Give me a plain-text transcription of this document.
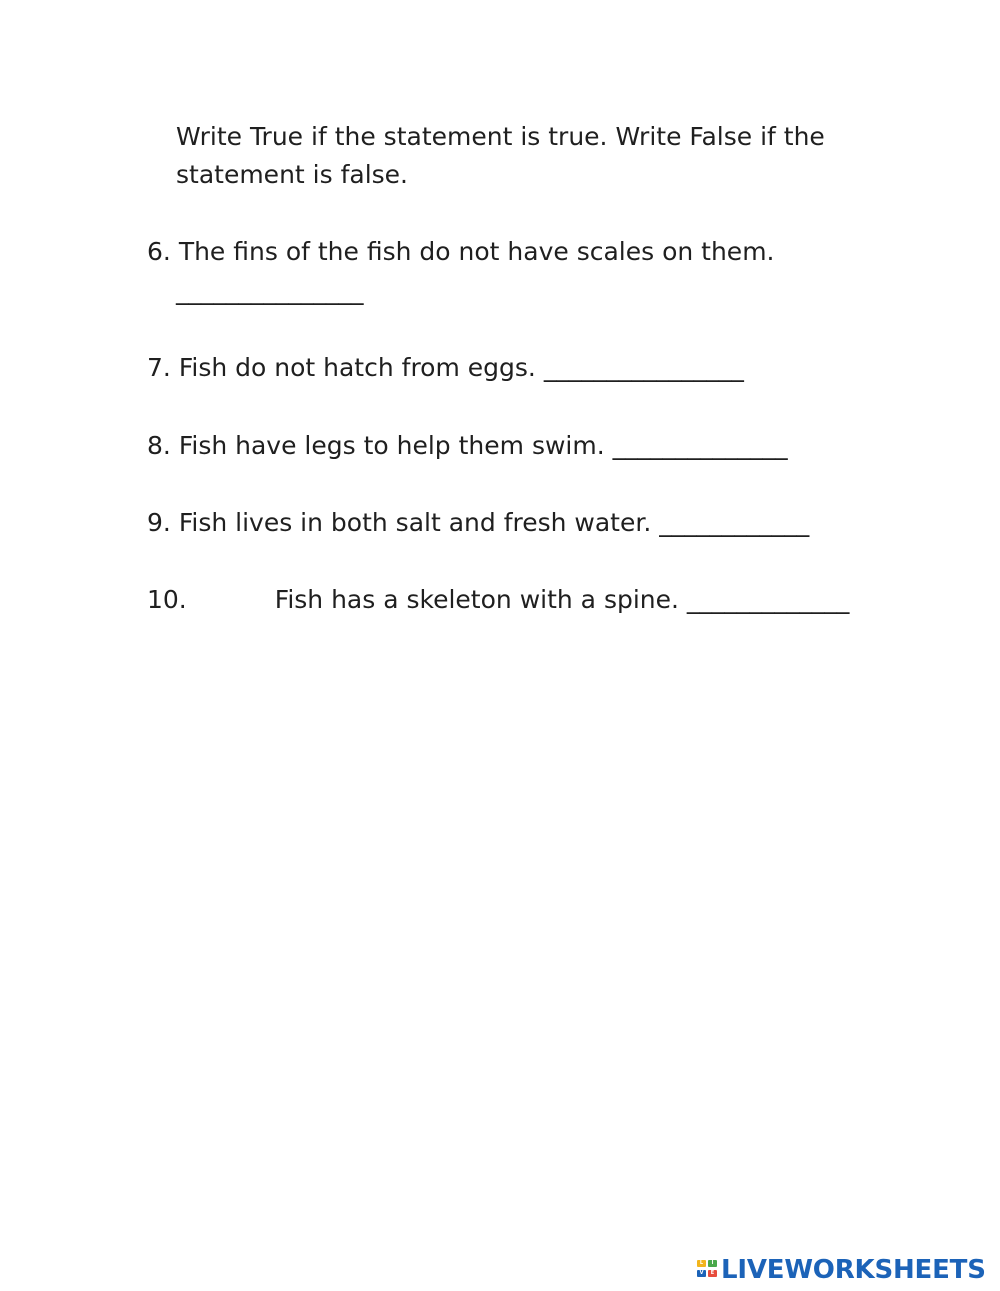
Write True if the statement is true. Write False if the statement is false.
6. The fins of the fish do not have scales on them.
_______________
7. Fish do not hatch from eggs. ________________
8. Fish have legs to help them swim. ______________
9. Fish lives in both salt and fresh water. ____________
10.	Fish has a skeleton with a spine. _____________
L	I
V	E LIVEWORKSHEETS
